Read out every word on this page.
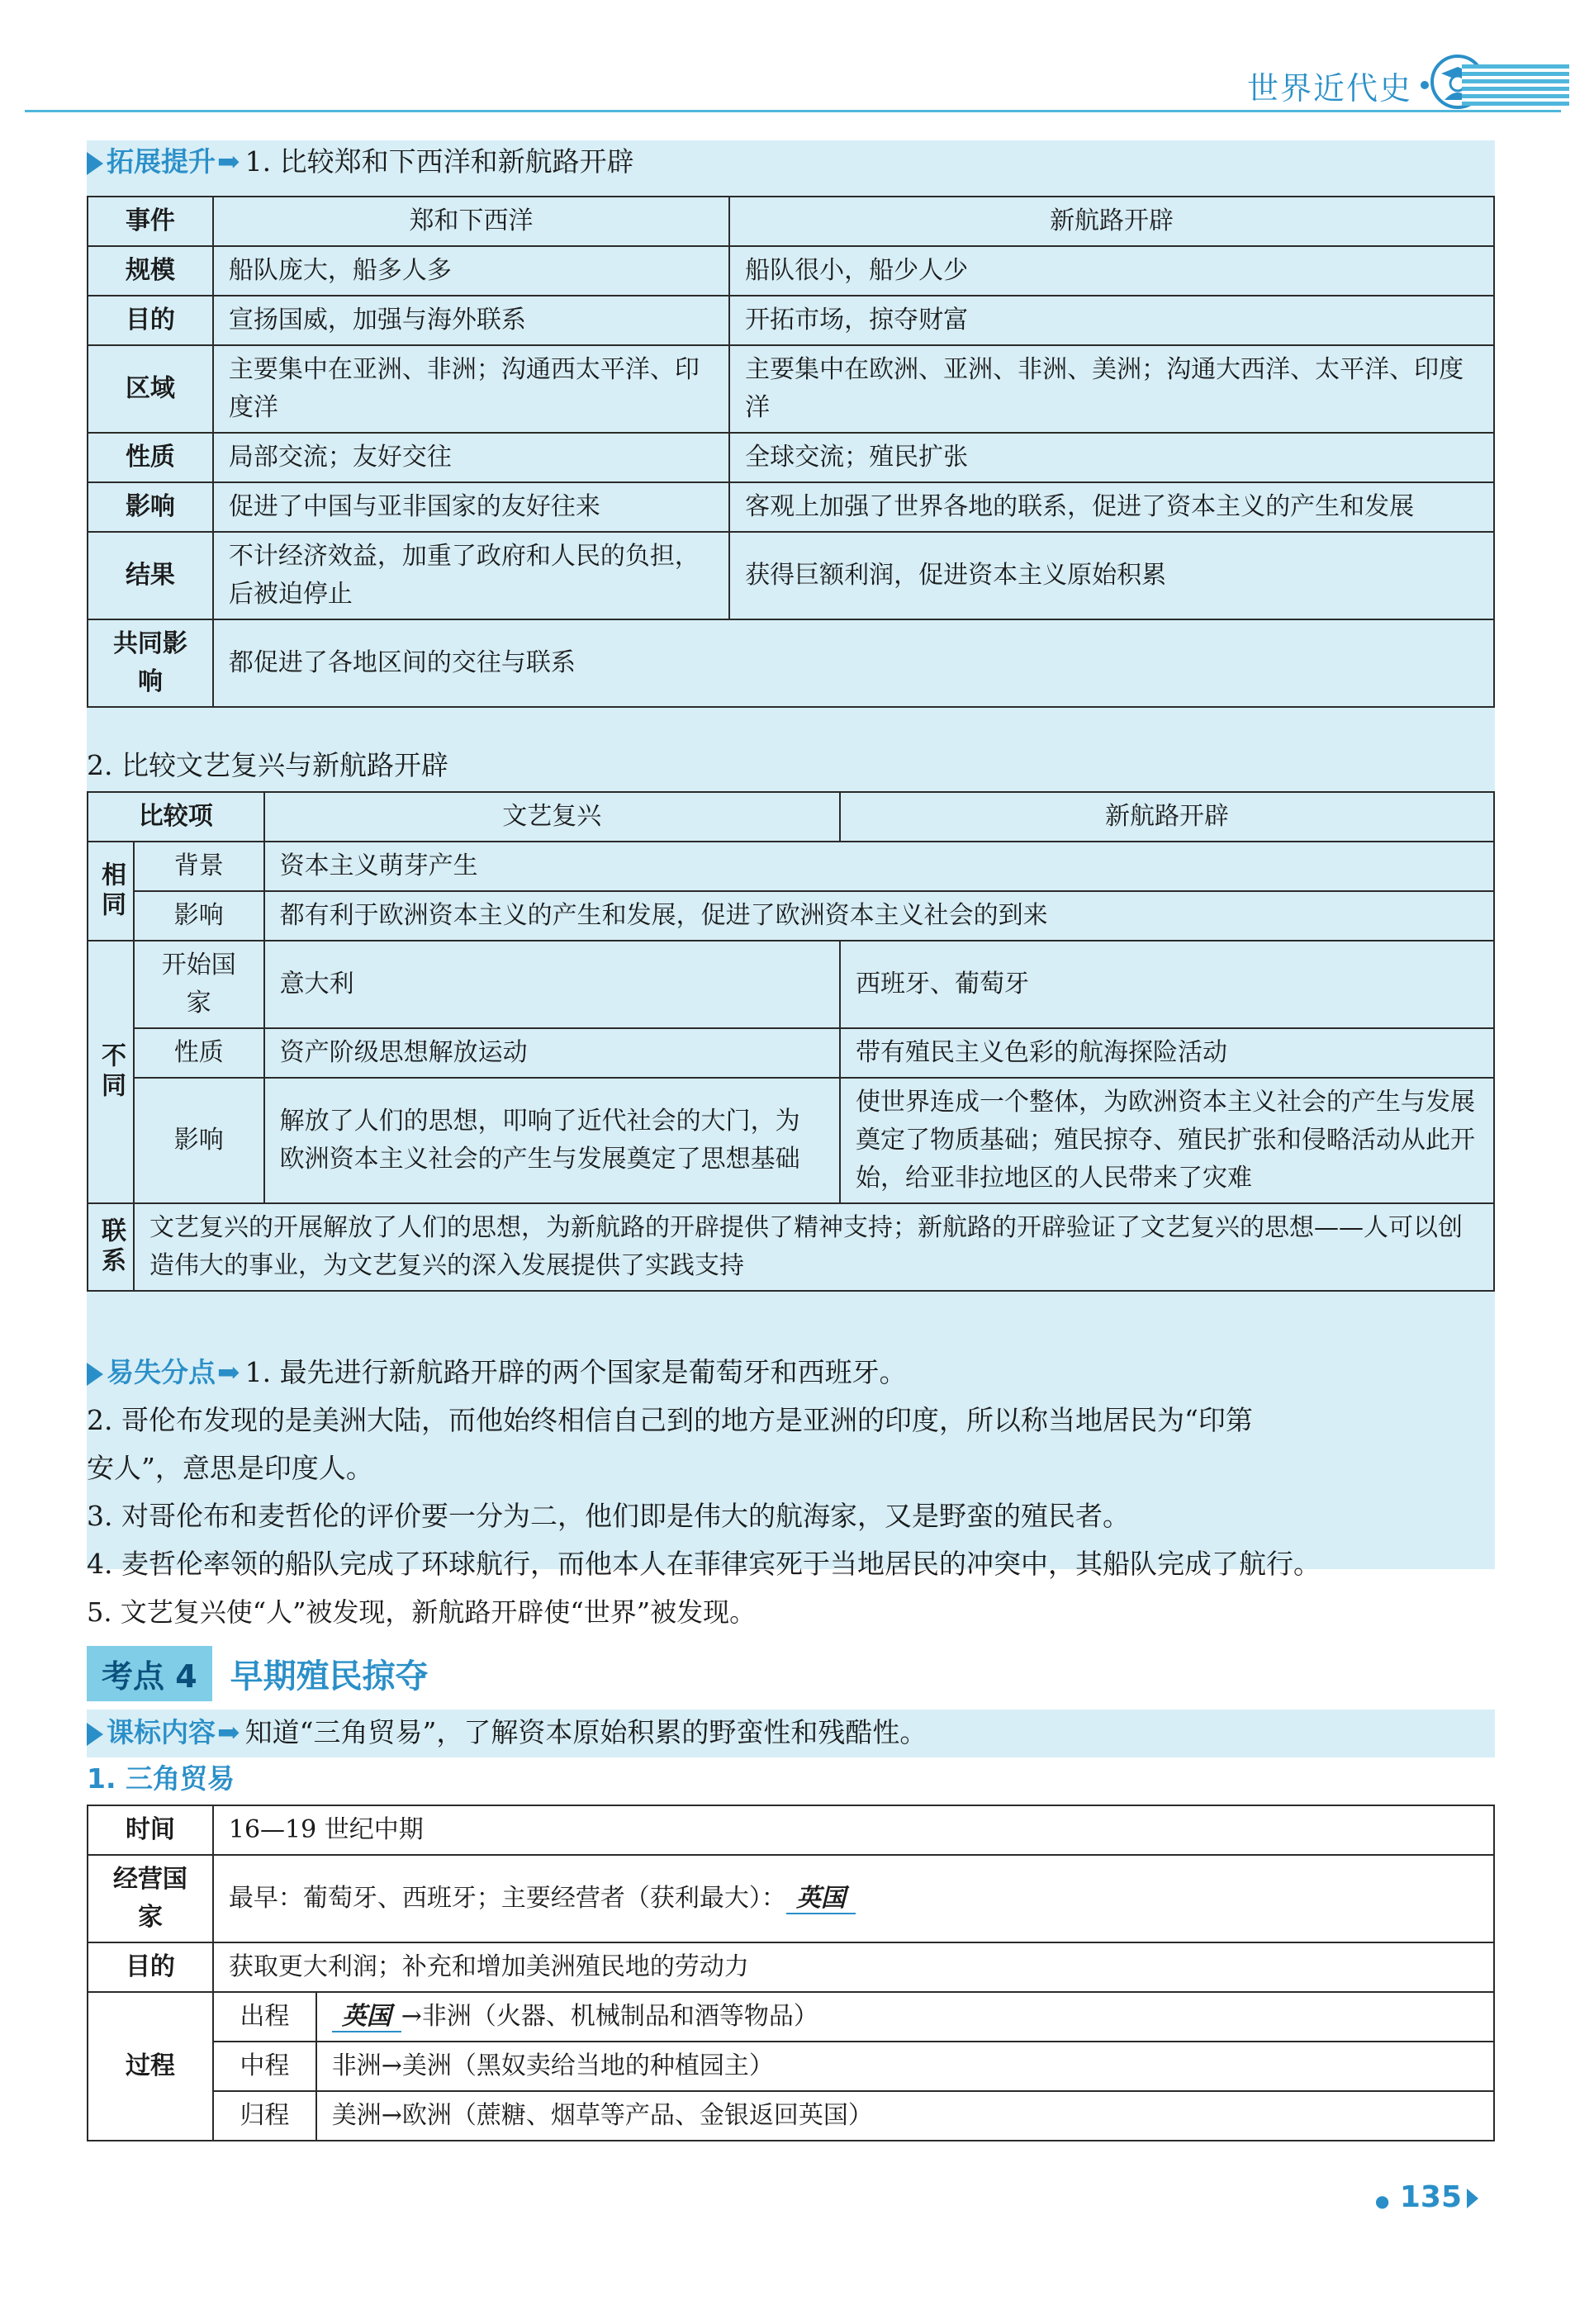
世界近代史
拓展提升➡ 1. 比较郑和下西洋和新航路开辟
事件	郑和下西洋	新航路开辟
规模	船队庞大，船多人多	船队很小，船少人少
目的	宣扬国威，加强与海外联系	开拓市场，掠夺财富
区域	主要集中在亚洲、非洲；沟通西太平洋、印度洋	主要集中在欧洲、亚洲、非洲、美洲；沟通大西洋、太平洋、印度洋
性质	局部交流；友好交往	全球交流；殖民扩张
影响	促进了中国与亚非国家的友好往来	客观上加强了世界各地的联系，促进了资本主义的产生和发展
结果	不计经济效益，加重了政府和人民的负担，后被迫停止	获得巨额利润，促进资本主义原始积累
共同影响	都促进了各地区间的交往与联系	
2. 比较文艺复兴与新航路开辟
比较项		文艺复兴	新航路开辟
相同	背景	资本主义萌芽产生	
	影响	都有利于欧洲资本主义的产生和发展，促进了欧洲资本主义社会的到来	
不同	开始国家	意大利	西班牙、葡萄牙
	性质	资产阶级思想解放运动	带有殖民主义色彩的航海探险活动
	影响	解放了人们的思想，叩响了近代社会的大门，为欧洲资本主义社会的产生与发展奠定了思想基础	使世界连成一个整体，为欧洲资本主义社会的产生与发展奠定了物质基础；殖民掠夺、殖民扩张和侵略活动从此开始，给亚非拉地区的人民带来了灾难
联系	文艺复兴的开展解放了人们的思想，为新航路的开辟提供了精神支持；新航路的开辟验证了文艺复兴的思想——人可以创造伟大的事业，为文艺复兴的深入发展提供了实践支持		
易失分点➡ 1. 最先进行新航路开辟的两个国家是葡萄牙和西班牙。
2. 哥伦布发现的是美洲大陆，而他始终相信自己到的地方是亚洲的印度，所以称当地居民为“印第
安人”，意思是印度人。
3. 对哥伦布和麦哲伦的评价要一分为二，他们即是伟大的航海家，又是野蛮的殖民者。
4. 麦哲伦率领的船队完成了环球航行，而他本人在菲律宾死于当地居民的冲突中，其船队完成了航行。
5. 文艺复兴使“人”被发现，新航路开辟使“世界”被发现。
考点 4	早期殖民掠夺
课标内容➡ 知道“三角贸易”，了解资本原始积累的野蛮性和残酷性。
1. 三角贸易
时间	16—19 世纪中期	
经营国家	最早：葡萄牙、西班牙；主要经营者（获利最大）： 英国	
目的	获取更大利润；补充和增加美洲殖民地的劳动力	
过程	出程	英国 →非洲（火器、机械制品和酒等物品）
	中程	非洲→美洲（黑奴卖给当地的种植园主）
	归程	美洲→欧洲（蔗糖、烟草等产品、金银返回英国）
● 135
